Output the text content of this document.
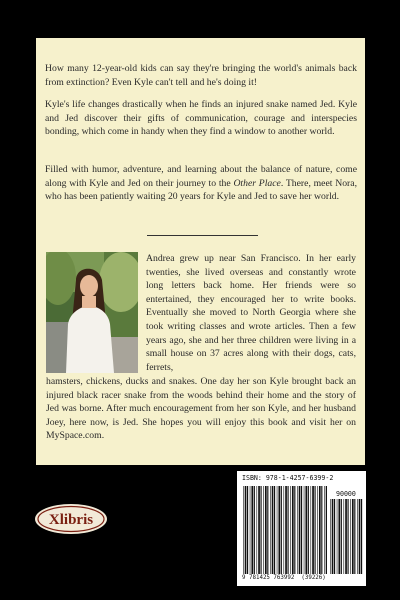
How many 12-year-old kids can say they're bringing the world's animals back from extinction? Even Kyle can't tell and he's doing it!

Kyle's life changes drastically when he finds an injured snake named Jed. Kyle and Jed discover their gifts of communication, courage and interspecies bonding, which come in handy when they find a window to another world.

Filled with humor, adventure, and learning about the balance of nature, come along with Kyle and Jed on their journey to the Other Place. There, meet Nora, who has been patiently waiting 20 years for Kyle and Jed to save her world.

Andrea grew up near San Francisco. In her early twenties, she lived overseas and constantly wrote long letters back home. Her friends were so entertained, they encouraged her to write books. Eventually she moved to North Georgia where she took writing classes and wrote articles. Then a few years ago, she and her three children were living in a small house on 37 acres along with their dogs, cats, ferrets,

hamsters, chickens, ducks and snakes. One day her son Kyle brought back an injured black racer snake from the woods behind their home and the story of Jed was borne. After much encouragement from her son Kyle, and her husband Joey, here now, is Jed. She hopes you will enjoy this book and visit her on MySpace.com.

Xlibris
ISBN: 978-1-4257-6399-2
90000
9 781425 763992 (39226)
